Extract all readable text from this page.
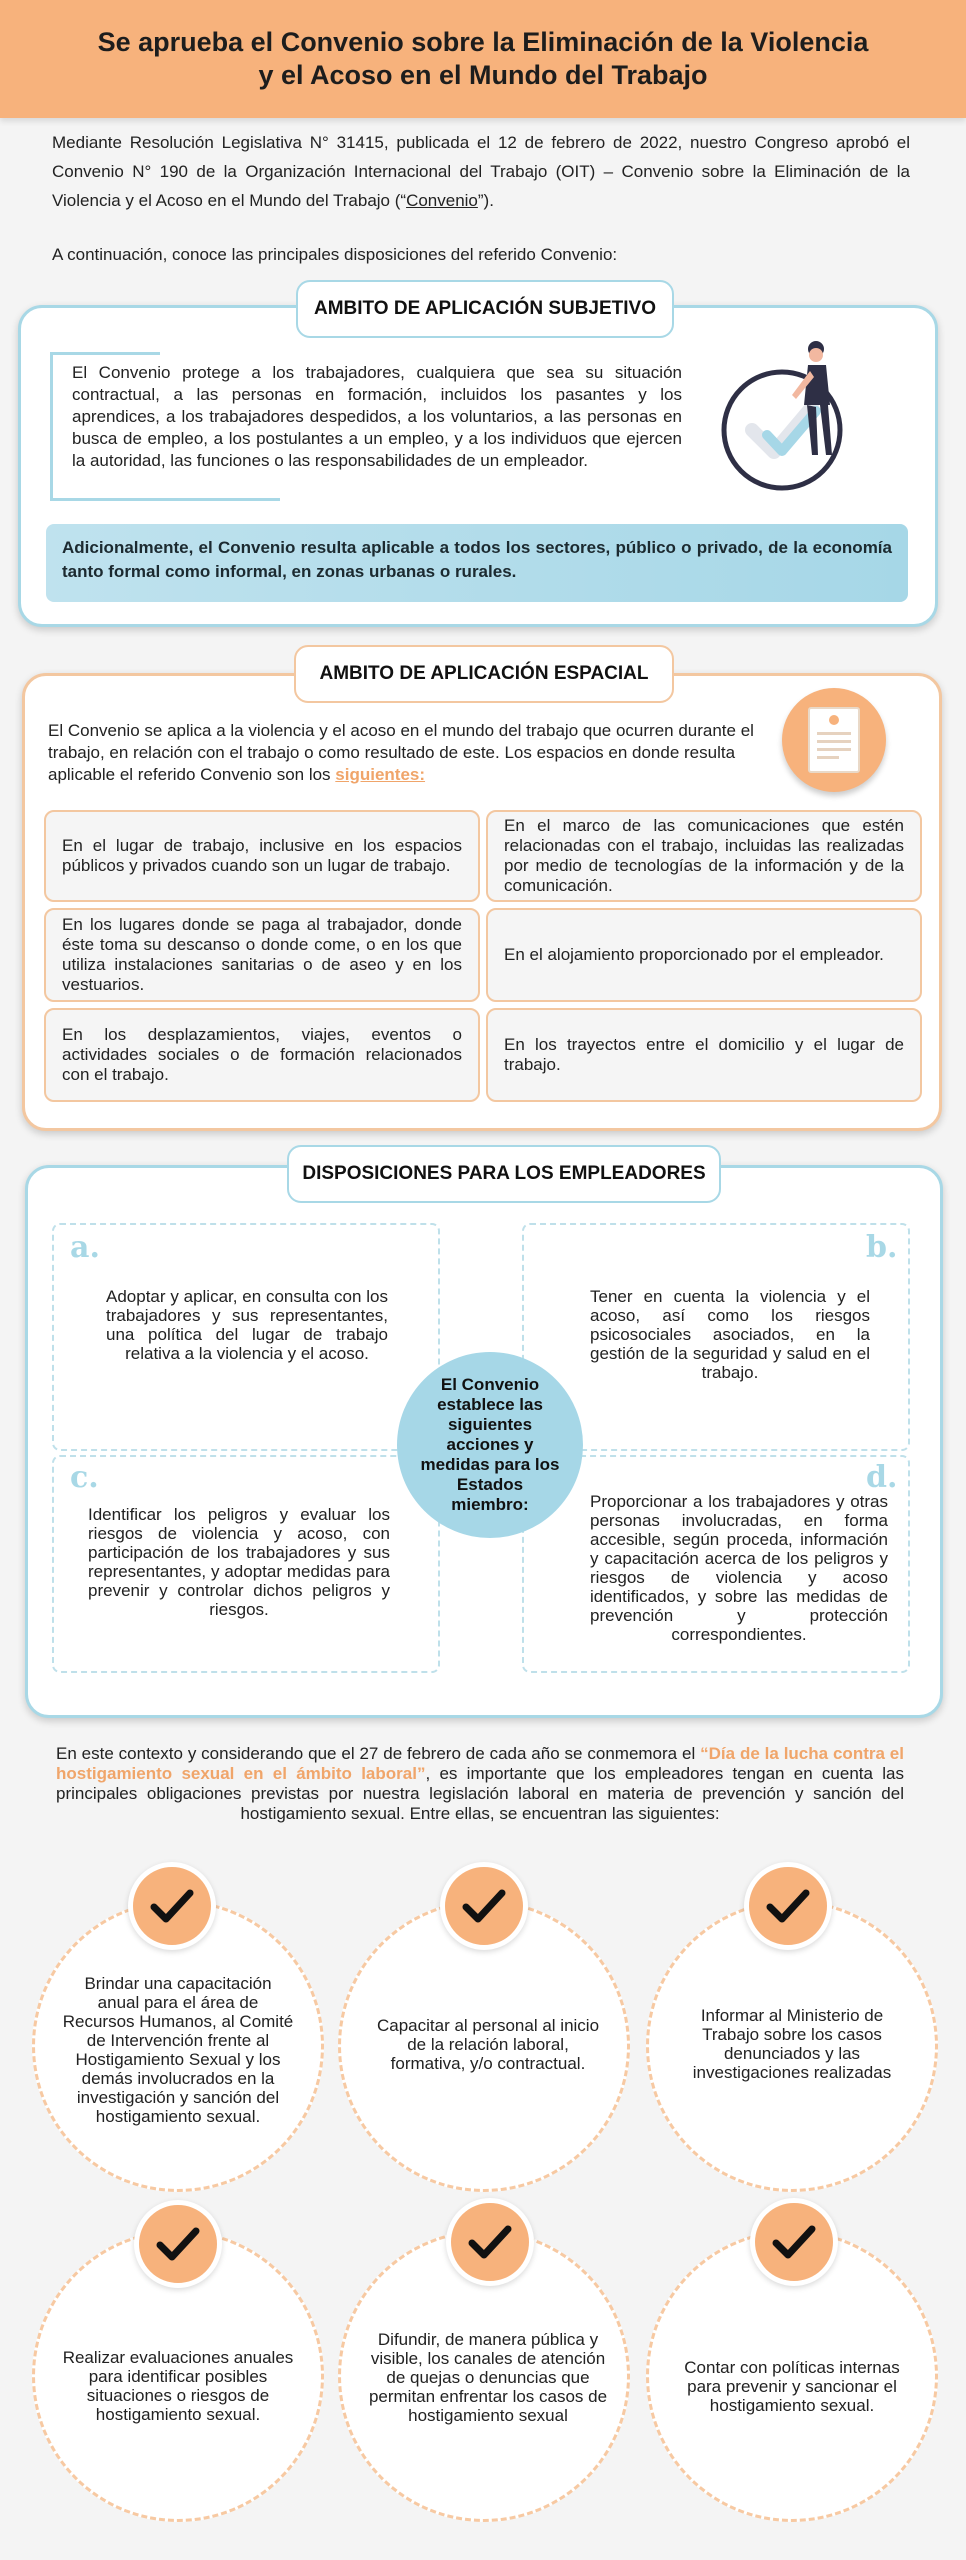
Se aprueba el Convenio sobre la Eliminación de la Violencia
y el Acoso en el Mundo del Trabajo

Mediante Resolución Legislativa N° 31415, publicada el 12 de febrero de 2022, nuestro Congreso aprobó el Convenio N° 190 de la Organización Internacional del Trabajo (OIT) – Convenio sobre la Eliminación de la Violencia y el Acoso en el Mundo del Trabajo (“Convenio”).

A continuación, conoce las principales disposiciones del referido Convenio:

AMBITO DE APLICACIÓN SUBJETIVO

El Convenio protege a los trabajadores, cualquiera que sea su situación contractual, a las personas en formación, incluidos los pasantes y los aprendices, a los trabajadores despedidos, a los voluntarios, a las personas en busca de empleo, a los postulantes a un empleo, y a los individuos que ejercen la autoridad, las funciones o las responsabilidades de un empleador.

Adicionalmente, el Convenio resulta aplicable a todos los sectores, público o privado, de la economía tanto formal como informal, en zonas urbanas o rurales.
AMBITO DE APLICACIÓN ESPACIAL

El Convenio se aplica a la violencia y el acoso en el mundo del trabajo que ocurren durante el trabajo, en relación con el trabajo o como resultado de este. Los espacios en donde resulta aplicable el referido Convenio son los siguientes:

En el lugar de trabajo, inclusive en los espacios públicos y privados cuando son un lugar de trabajo.
En el marco de las comunicaciones que estén relacionadas con el trabajo, incluidas las realizadas por medio de tecnologías de la información y de la comunicación.
En los lugares donde se paga al trabajador, donde éste toma su descanso o donde come, o en los que utiliza instalaciones sanitarias o de aseo y en los vestuarios.
En el alojamiento proporcionado por el empleador.
En los desplazamientos, viajes, eventos o actividades sociales o de formación relacionados con el trabajo.
En los trayectos entre el domicilio y el lugar de trabajo.
DISPOSICIONES PARA LOS EMPLEADORES
a.
Adoptar y aplicar, en consulta con los trabajadores y sus representantes, una política del lugar de trabajo relativa a la violencia y el acoso.
b.
Tener en cuenta la violencia y el acoso, así como los riesgos psicosociales asociados, en la gestión de la seguridad y salud en el trabajo.
c.
Identificar los peligros y evaluar los riesgos de violencia y acoso, con participación de los trabajadores y sus representantes, y adoptar medidas para prevenir y controlar dichos peligros y riesgos.
d.
Proporcionar a los trabajadores y otras personas involucradas, en forma accesible, según proceda, información y capacitación acerca de los peligros y riesgos de violencia y acoso identificados, y sobre las medidas de prevención y protección correspondientes.
El Convenio establece las siguientes acciones y medidas para los Estados miembro:

En este contexto y considerando que el 27 de febrero de cada año se conmemora el “Día de la lucha contra el hostigamiento sexual en el ámbito laboral”, es importante que los empleadores tengan en cuenta las principales obligaciones previstas por nuestra legislación laboral en materia de prevención y sanción del hostigamiento sexual. Entre ellas, se encuentran las siguientes:

Brindar una capacitación anual para el área de Recursos Humanos, al Comité de Intervención frente al Hostigamiento Sexual y los demás involucrados en la investigación y sanción del hostigamiento sexual.
Capacitar al personal al inicio de la relación laboral, formativa, y/o contractual.
Informar al Ministerio de Trabajo sobre los casos denunciados y las investigaciones realizadas
Realizar evaluaciones anuales para identificar posibles situaciones o riesgos de hostigamiento sexual.
Difundir, de manera pública y visible, los canales de atención de quejas o denuncias que permitan enfrentar los casos de hostigamiento sexual
Contar con políticas internas para prevenir y sancionar el hostigamiento sexual.
